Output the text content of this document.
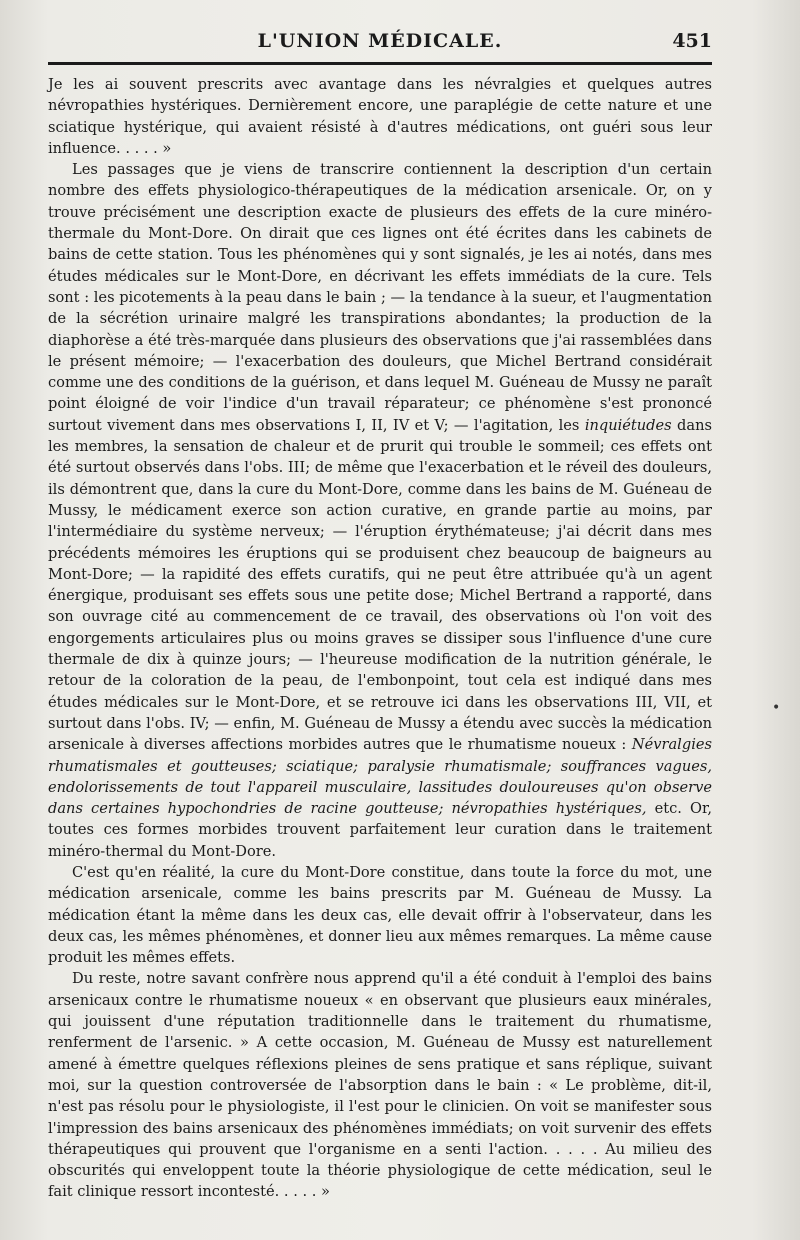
L'UNION MÉDICALE.	451

Je les ai souvent prescrits avec avantage dans les névralgies et quelques autres névropathies hystériques. Dernièrement encore, une paraplégie de cette nature et une sciatique hystérique, qui avaient résisté à d'autres médications, ont guéri sous leur influence. . . . . »

Les passages que je viens de transcrire contiennent la description d'un certain nombre des effets physiologico-thérapeutiques de la médication arsenicale. Or, on y trouve précisément une description exacte de plusieurs des effets de la cure minéro-thermale du Mont-Dore. On dirait que ces lignes ont été écrites dans les cabinets de bains de cette station. Tous les phénomènes qui y sont signalés, je les ai notés, dans mes études médicales sur le Mont-Dore, en décrivant les effets immédiats de la cure. Tels sont : les picotements à la peau dans le bain ; — la tendance à la sueur, et l'augmentation de la sécrétion urinaire malgré les transpirations abondantes; la production de la diaphorèse a été très-marquée dans plusieurs des observations que j'ai rassemblées dans le présent mémoire; — l'exacerbation des douleurs, que Michel Bertrand considérait comme une des conditions de la guérison, et dans lequel M. Guéneau de Mussy ne paraît point éloigné de voir l'indice d'un travail réparateur; ce phénomène s'est prononcé surtout vivement dans mes observations I, II, IV et V; — l'agitation, les inquiétudes dans les membres, la sensation de chaleur et de prurit qui trouble le sommeil; ces effets ont été surtout observés dans l'obs. III; de même que l'exacerbation et le réveil des douleurs, ils démontrent que, dans la cure du Mont-Dore, comme dans les bains de M. Guéneau de Mussy, le médicament exerce son action curative, en grande partie au moins, par l'intermédiaire du système nerveux; — l'éruption érythémateuse; j'ai décrit dans mes précédents mémoires les éruptions qui se produisent chez beaucoup de baigneurs au Mont-Dore; — la rapidité des effets curatifs, qui ne peut être attribuée qu'à un agent énergique, produisant ses effets sous une petite dose; Michel Bertrand a rapporté, dans son ouvrage cité au commencement de ce travail, des observations où l'on voit des engorgements articulaires plus ou moins graves se dissiper sous l'influence d'une cure thermale de dix à quinze jours; — l'heureuse modification de la nutrition générale, le retour de la coloration de la peau, de l'embonpoint, tout cela est indiqué dans mes études médicales sur le Mont-Dore, et se retrouve ici dans les observations III, VII, et surtout dans l'obs. IV; — enfin, M. Guéneau de Mussy a étendu avec succès la médication arsenicale à diverses affections morbides autres que le rhumatisme noueux : Névralgies rhumatismales et goutteuses; sciatique; paralysie rhumatismale; souffrances vagues, endolorissements de tout l'appareil musculaire, lassitudes douloureuses qu'on observe dans certaines hypochondries de racine goutteuse; névropathies hystériques, etc. Or, toutes ces formes morbides trouvent parfaitement leur curation dans le traitement minéro-thermal du Mont-Dore.

C'est qu'en réalité, la cure du Mont-Dore constitue, dans toute la force du mot, une médication arsenicale, comme les bains prescrits par M. Guéneau de Mussy. La médication étant la même dans les deux cas, elle devait offrir à l'observateur, dans les deux cas, les mêmes phénomènes, et donner lieu aux mêmes remarques. La même cause produit les mêmes effets.

Du reste, notre savant confrère nous apprend qu'il a été conduit à l'emploi des bains arsenicaux contre le rhumatisme noueux « en observant que plusieurs eaux minérales, qui jouissent d'une réputation traditionnelle dans le traitement du rhumatisme, renferment de l'arsenic. » A cette occasion, M. Guéneau de Mussy est naturellement amené à émettre quelques réflexions pleines de sens pratique et sans réplique, suivant moi, sur la question controversée de l'absorption dans le bain : « Le problème, dit-il, n'est pas résolu pour le physiologiste, il l'est pour le clinicien. On voit se manifester sous l'impression des bains arsenicaux des phénomènes immédiats; on voit survenir des effets thérapeutiques qui prouvent que l'organisme en a senti l'action. . . . . Au milieu des obscurités qui enveloppent toute la théorie physiologique de cette médication, seul le fait clinique ressort incontesté. . . . . »

•
